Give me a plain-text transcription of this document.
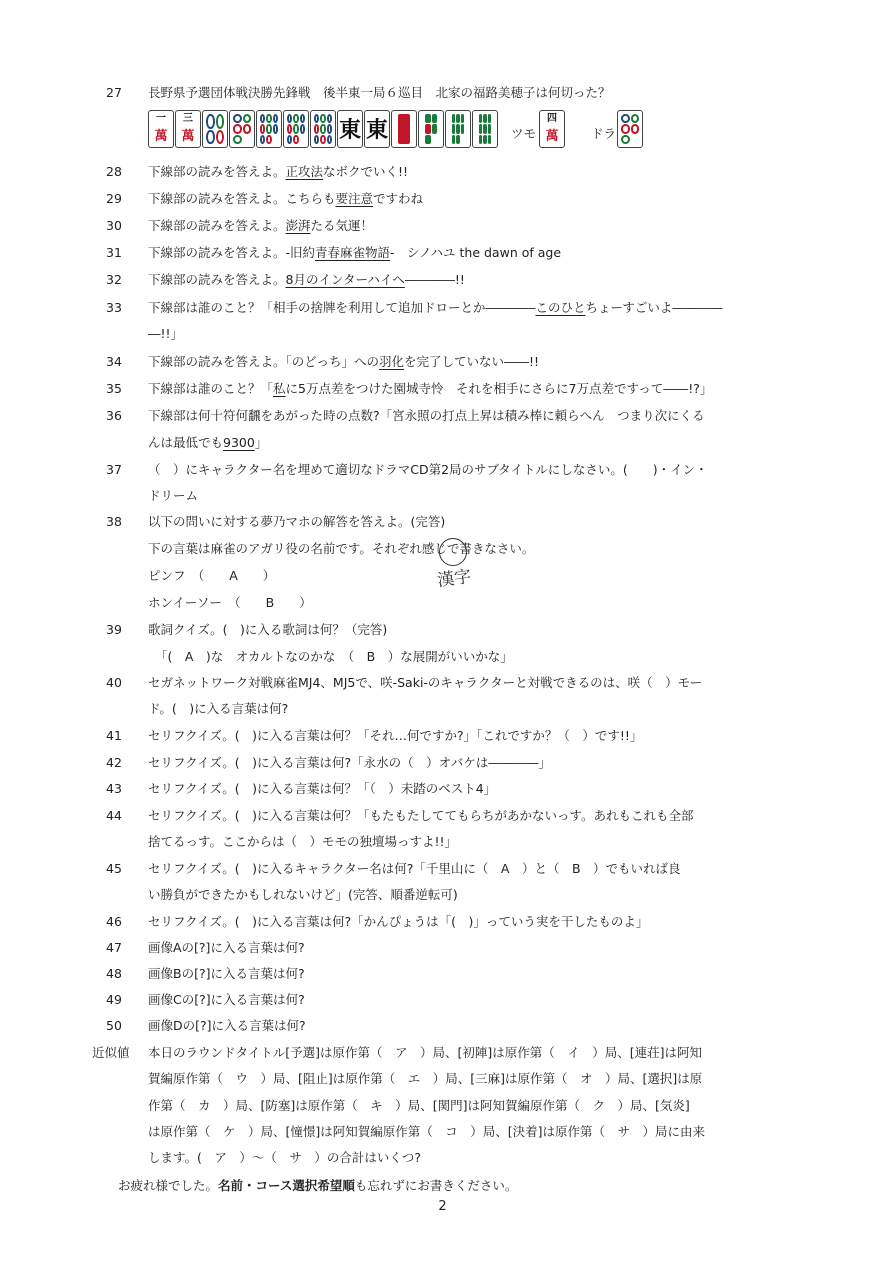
27 長野県予選団体戦決勝先鋒戦　後半東一局６巡目　北家の福路美穂子は何切った？
一
萬
三
萬	東 東	ツモ
四
萬	ドラ
28 下線部の読みを答えよ。正攻法なボクでいく!!
29 下線部の読みを答えよ。こちらも要注意ですわね
30 下線部の読みを答えよ。澎湃たる気運！
31 下線部の読みを答えよ。-旧約青春麻雀物語-　シノハユ the dawn of age
32 下線部の読みを答えよ。8月のインターハイへ――――!!
33 下線部は誰のこと？「相手の捨牌を利用して追加ドローとか――――このひとちょーすごいよ――――
―!!」
34 下線部の読みを答えよ。「のどっち」への羽化を完了していない――!!
35 下線部は誰のこと？「私に5万点差をつけた園城寺怜　それを相手にさらに7万点差ですって――!?」
36 下線部は何十符何飜をあがった時の点数?「宮永照の打点上昇は積み棒に頼らへん　つまり次にくる
んは最低でも9300」
37 （　）にキャラクター名を埋めて適切なドラマCD第2局のサブタイトルにしなさい。(　　)・イン・
ドリーム
38 以下の問いに対する夢乃マホの解答を答えよ。(完答)
下の言葉は麻雀のアガリ役の名前です。それぞれ感じで書きなさい。
ピンフ　（　　A　　）
ホンイーソー　（　　B　　）
漢字
39 歌詞クイズ。(　)に入る歌詞は何？（完答)
「(　A　)な　オカルトなのかな　（　B　）な展開がいいかな」
40 セガネットワーク対戦麻雀MJ4、MJ5で、咲-Saki-のキャラクターと対戦できるのは、咲（　）モー
ド。(　)に入る言葉は何?
41 セリフクイズ。(　)に入る言葉は何？「それ…何ですか?」「これですか？（　）です!!」
42 セリフクイズ。(　)に入る言葉は何?「永水の（　）オバケは――――」
43 セリフクイズ。(　)に入る言葉は何？「（　）未踏のベスト4」
44 セリフクイズ。(　)に入る言葉は何？「もたもたしててもらちがあかないっす。あれもこれも全部
捨てるっす。ここからは（　）モモの独壇場っすよ!!」
45 セリフクイズ。(　)に入るキャラクター名は何?「千里山に（　A　）と（　B　）でもいれば良
い勝負ができたかもしれないけど」(完答、順番逆転可)
46 セリフクイズ。(　)に入る言葉は何?「かんぴょうは「(　)」っていう実を干したものよ」
47 画像Aの[?]に入る言葉は何?
48 画像Bの[?]に入る言葉は何?
49 画像Cの[?]に入る言葉は何?
50 画像Dの[?]に入る言葉は何?
近似値 本日のラウンドタイトル[予選]は原作第（　ア　）局、[初陣]は原作第（　イ　）局、[連荘]は阿知
賀編原作第（　ウ　）局、[阻止]は原作第（　エ　）局、[三麻]は原作第（　オ　）局、[選択]は原
作第（　カ　）局、[防塞]は原作第（　キ　）局、[関門]は阿知賀編原作第（　ク　）局、[気炎]
は原作第（　ケ　）局、[憧憬]は阿知賀編原作第（　コ　）局、[決着]は原作第（　サ　）局に由来
します。(　ア　）～（　サ　）の合計はいくつ?
お疲れ様でした。名前・コース選択希望順も忘れずにお書きください。
2
